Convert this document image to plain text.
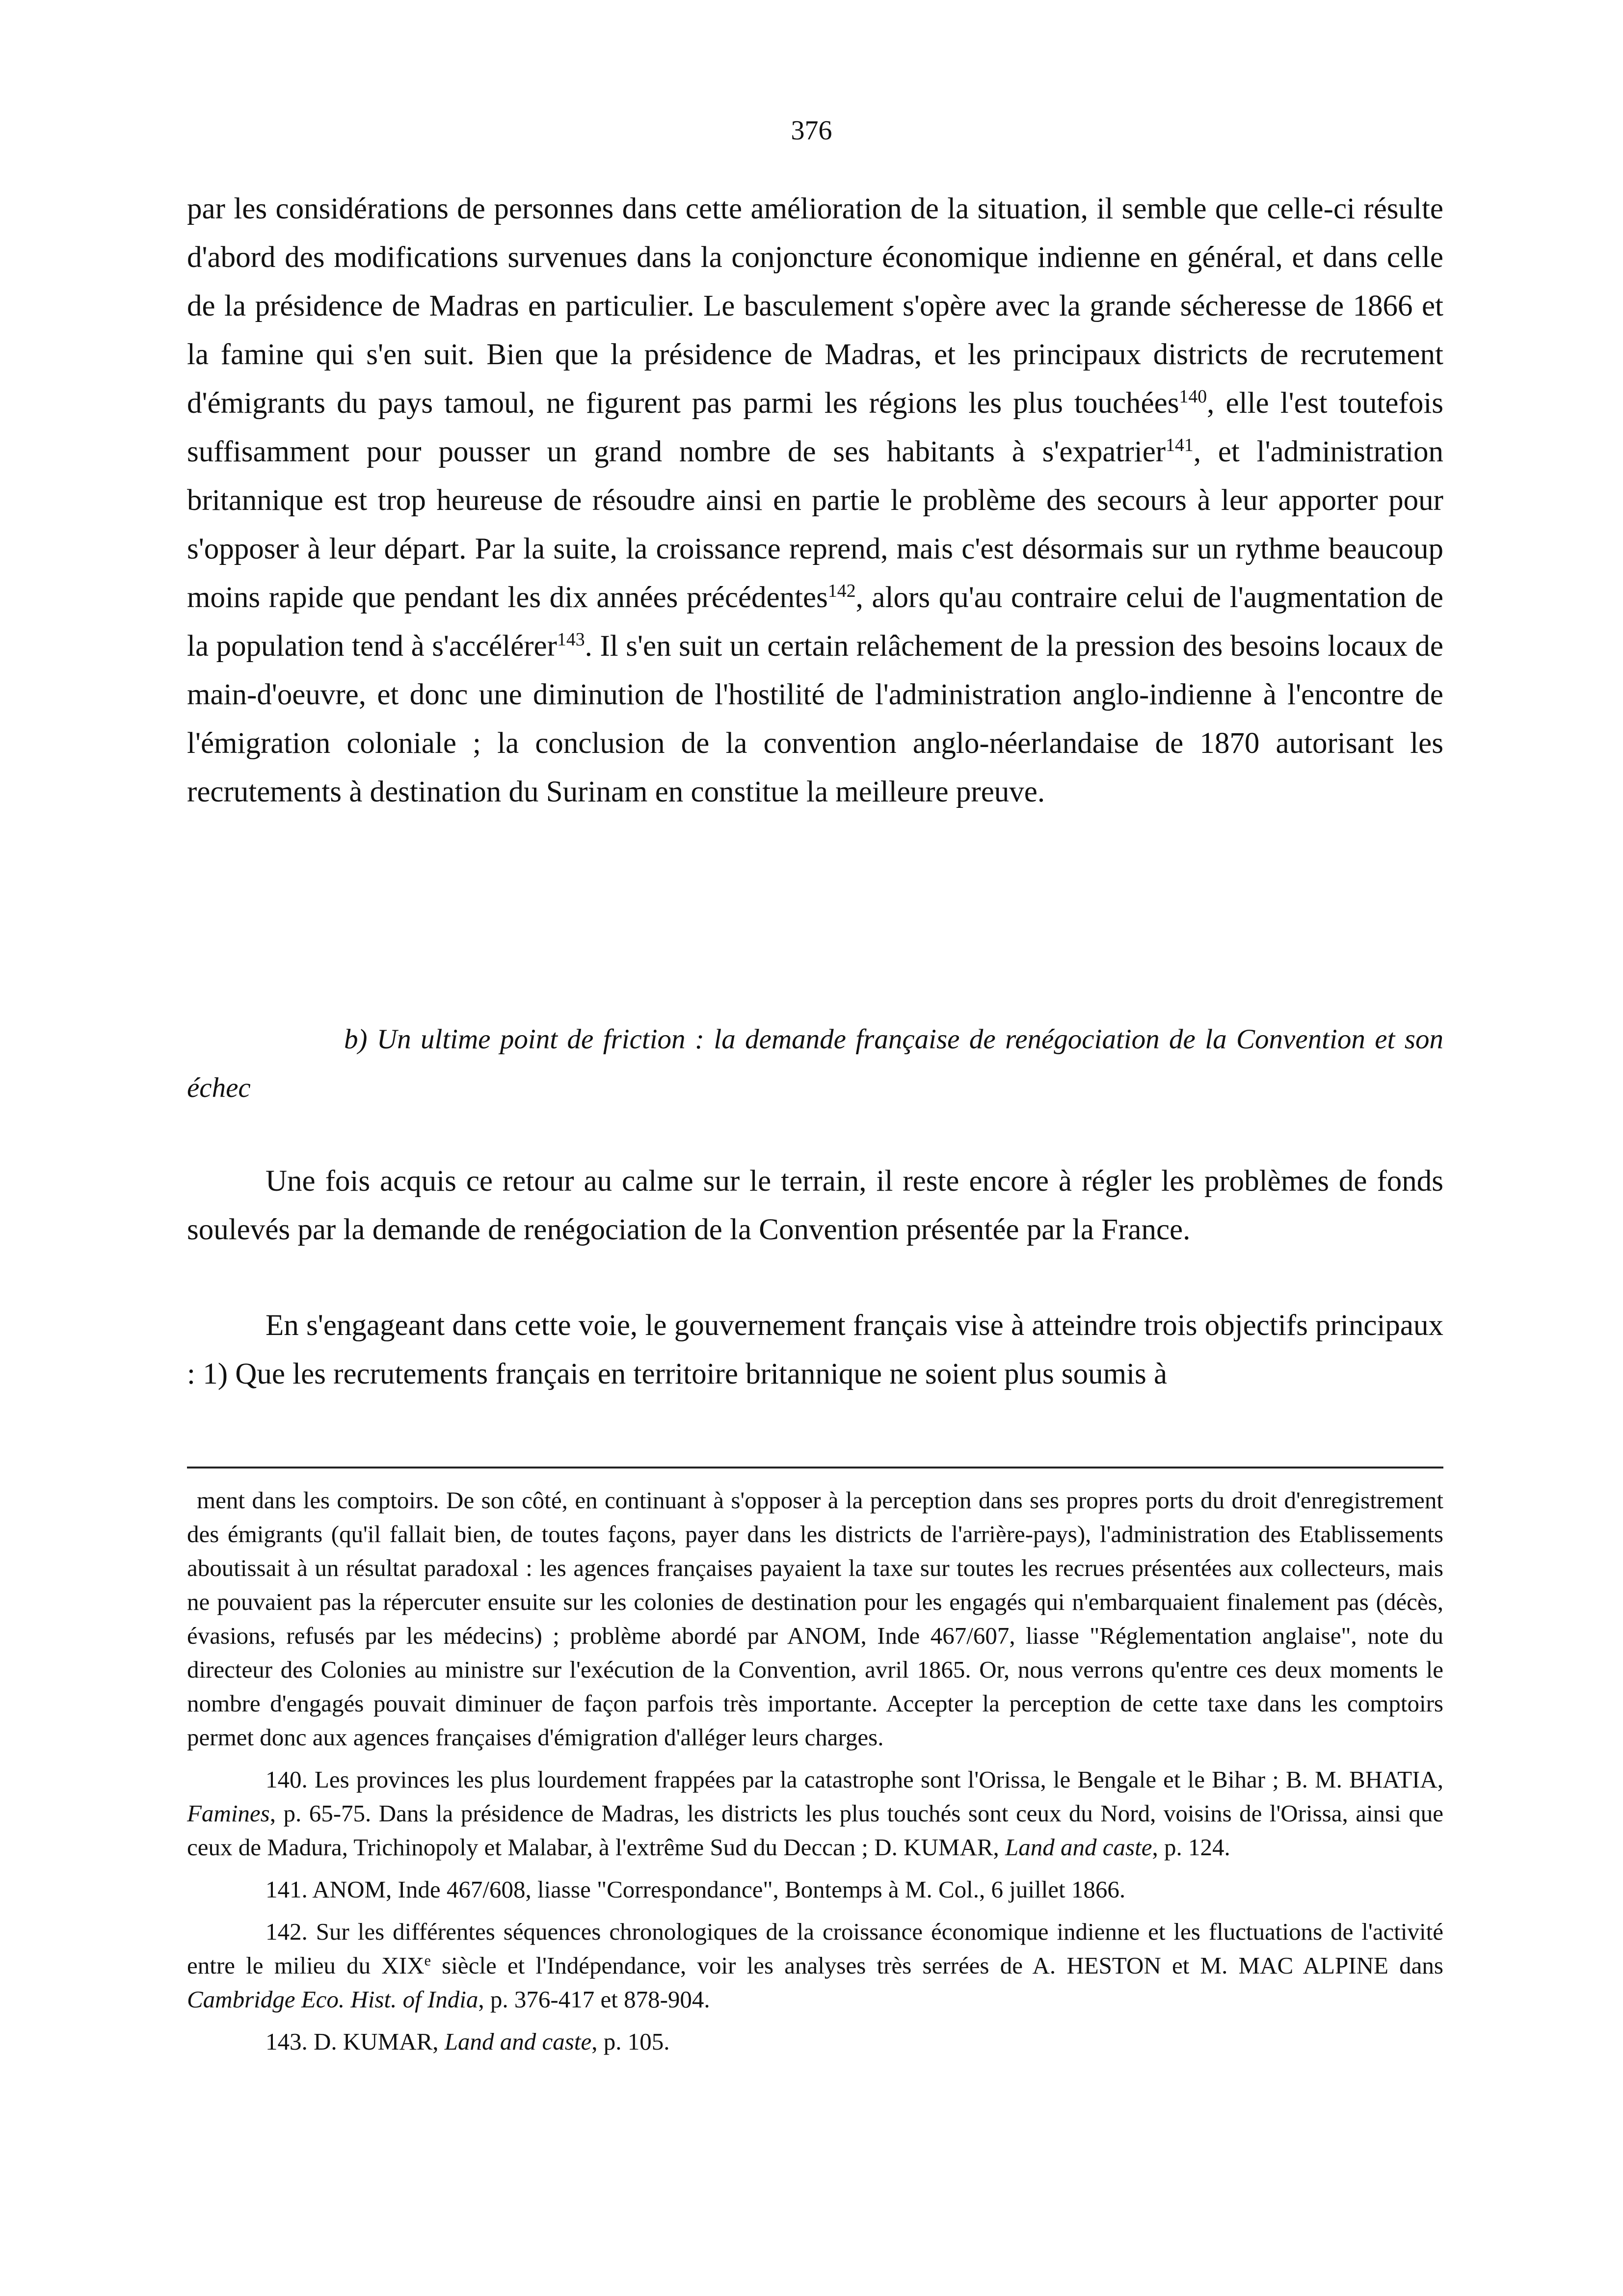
376

par les considérations de personnes dans cette amélioration de la situation, il semble que celle-ci résulte d'abord des modifications survenues dans la conjoncture économique indienne en général, et dans celle de la présidence de Madras en particulier. Le basculement s'opère avec la grande sécheresse de 1866 et la famine qui s'en suit. Bien que la présidence de Madras, et les principaux districts de recrutement d'émigrants du pays tamoul, ne figurent pas parmi les régions les plus touchées$^{140}$, elle l'est toutefois suffisamment pour pousser un grand nombre de ses habitants à s'expatrier$^{141}$, et l'administration britannique est trop heureuse de résoudre ainsi en partie le problème des secours à leur apporter pour s'opposer à leur départ. Par la suite, la croissance reprend, mais c'est désormais sur un rythme beaucoup moins rapide que pendant les dix années précédentes$^{142}$, alors qu'au contraire celui de l'augmentation de la population tend à s'accélérer$^{143}$. Il s'en suit un certain relâchement de la pression des besoins locaux de main-d'oeuvre, et donc une diminution de l'hostilité de l'administration anglo-indienne à l'encontre de l'émigration coloniale ; la conclusion de la convention anglo-néerlandaise de 1870 autorisant les recrutements à destination du Surinam en constitue la meilleure preuve.

b) Un ultime point de friction : la demande française de renégociation de la Convention et son échec

Une fois acquis ce retour au calme sur le terrain, il reste encore à régler les problèmes de fonds soulevés par la demande de renégociation de la Convention présentée par la France.

En s'engageant dans cette voie, le gouvernement français vise à atteindre trois objectifs principaux : 1) Que les recrutements français en territoire britannique ne soient plus soumis à

ment dans les comptoirs. De son côté, en continuant à s'opposer à la perception dans ses propres ports du droit d'enregistrement des émigrants (qu'il fallait bien, de toutes façons, payer dans les districts de l'arrière-pays), l'administration des Etablissements aboutissait à un résultat paradoxal : les agences françaises payaient la taxe sur toutes les recrues présentées aux collecteurs, mais ne pouvaient pas la répercuter ensuite sur les colonies de destination pour les engagés qui n'embarquaient finalement pas (décès, évasions, refusés par les médecins) ; problème abordé par ANOM, Inde 467/607, liasse "Réglementation anglaise", note du directeur des Colonies au ministre sur l'exécution de la Convention, avril 1865. Or, nous verrons qu'entre ces deux moments le nombre d'engagés pouvait diminuer de façon parfois très importante. Accepter la perception de cette taxe dans les comptoirs permet donc aux agences françaises d'émigration d'alléger leurs charges.

140. Les provinces les plus lourdement frappées par la catastrophe sont l'Orissa, le Bengale et le Bihar ; B. M. BHATIA, Famines, p. 65-75. Dans la présidence de Madras, les districts les plus touchés sont ceux du Nord, voisins de l'Orissa, ainsi que ceux de Madura, Trichinopoly et Malabar, à l'extrême Sud du Deccan ; D. KUMAR, Land and caste, p. 124.

141. ANOM, Inde 467/608, liasse "Correspondance", Bontemps à M. Col., 6 juillet 1866.

142. Sur les différentes séquences chronologiques de la croissance économique indienne et les fluctuations de l'activité entre le milieu du XIXe siècle et l'Indépendance, voir les analyses très serrées de A. HESTON et M. MAC ALPINE dans Cambridge Eco. Hist. of India, p. 376-417 et 878-904.

143. D. KUMAR, Land and caste, p. 105.
